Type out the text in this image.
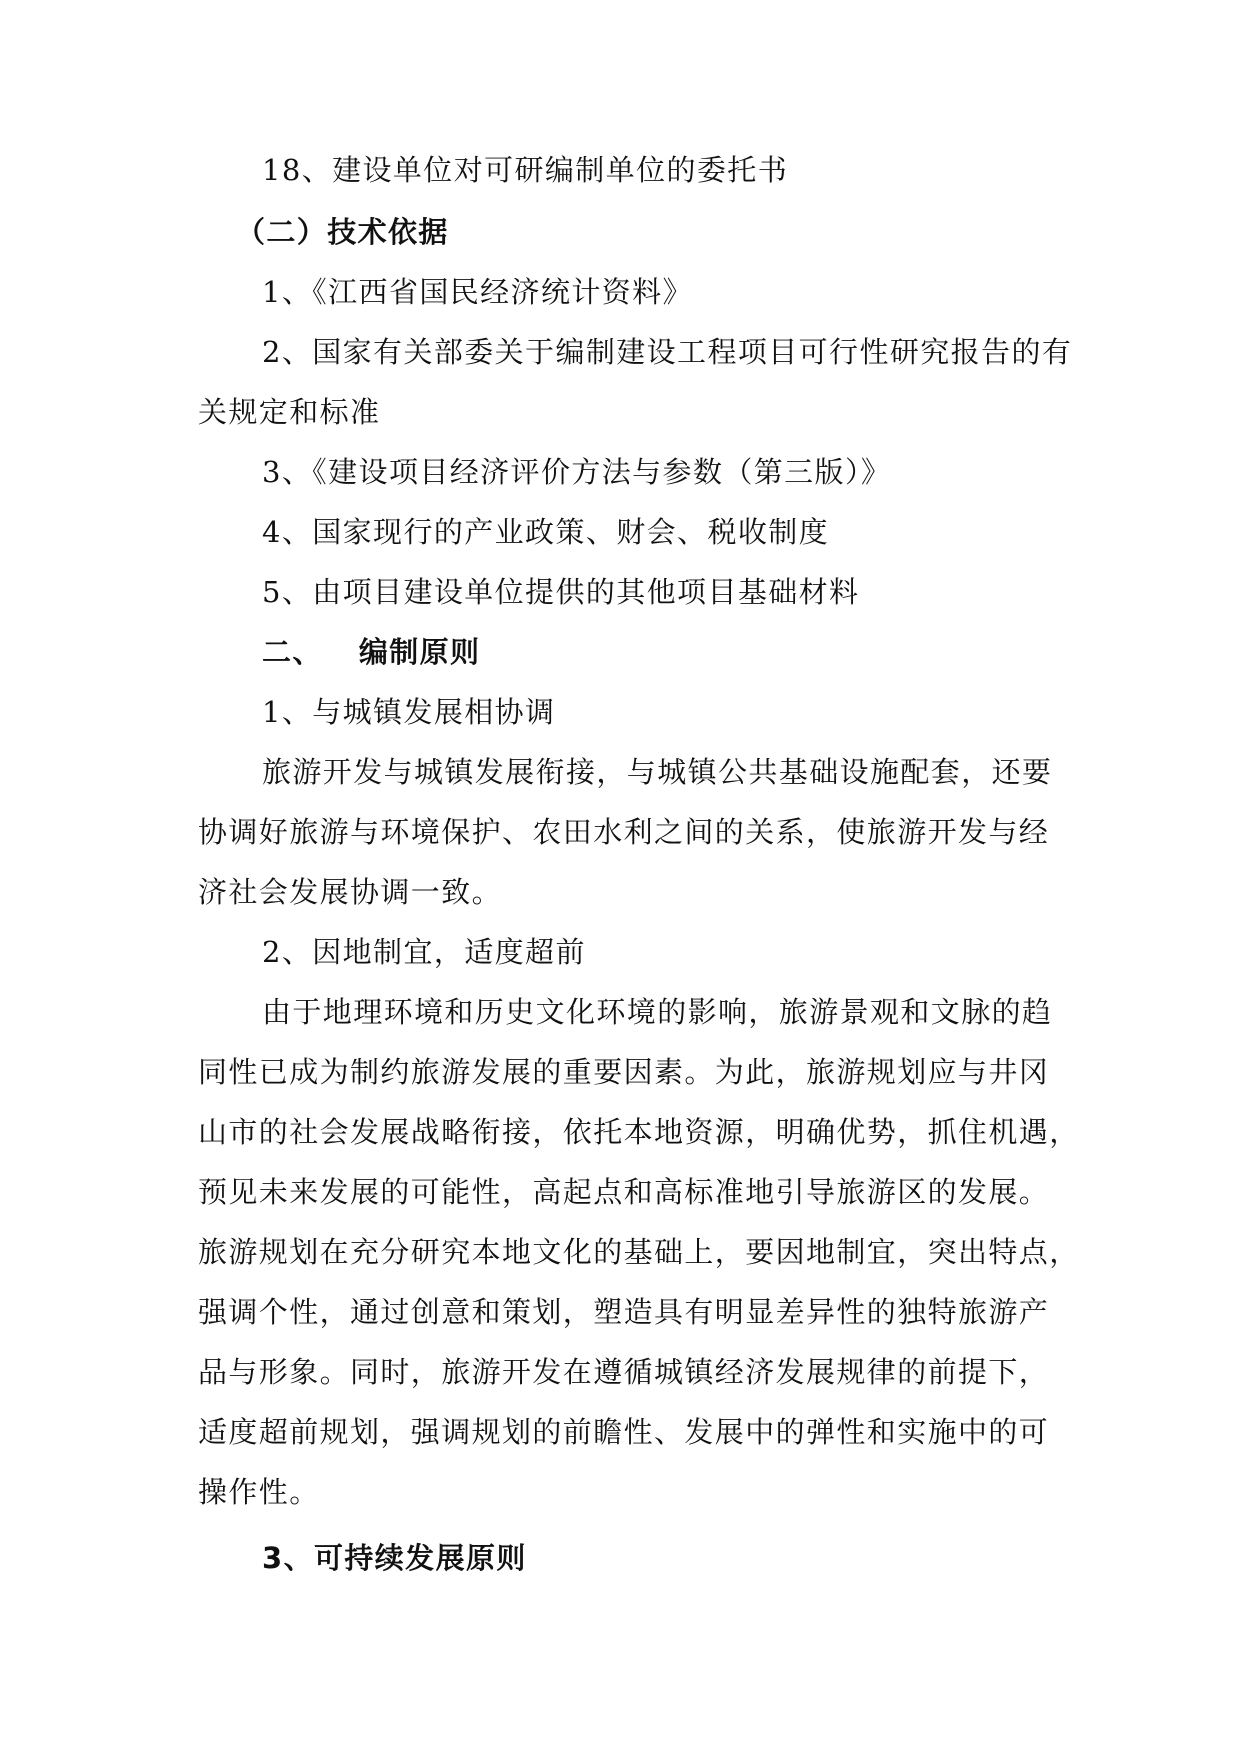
18、建设单位对可研编制单位的委托书
（二）技术依据
1、《江西省国民经济统计资料》
2、国家有关部委关于编制建设工程项目可行性研究报告的有
关规定和标准
3、《建设项目经济评价方法与参数（第三版）》
4、国家现行的产业政策、财会、税收制度
5、由项目建设单位提供的其他项目基础材料
二、 编制原则
1、与城镇发展相协调
旅游开发与城镇发展衔接，与城镇公共基础设施配套，还要
协调好旅游与环境保护、农田水利之间的关系，使旅游开发与经
济社会发展协调一致。
2、因地制宜，适度超前
由于地理环境和历史文化环境的影响，旅游景观和文脉的趋
同性已成为制约旅游发展的重要因素。为此，旅游规划应与井冈
山市的社会发展战略衔接，依托本地资源，明确优势，抓住机遇，
预见未来发展的可能性，高起点和高标准地引导旅游区的发展。
旅游规划在充分研究本地文化的基础上，要因地制宜，突出特点，
强调个性，通过创意和策划，塑造具有明显差异性的独特旅游产
品与形象。同时，旅游开发在遵循城镇经济发展规律的前提下，
适度超前规划，强调规划的前瞻性、发展中的弹性和实施中的可
操作性。
3、可持续发展原则
